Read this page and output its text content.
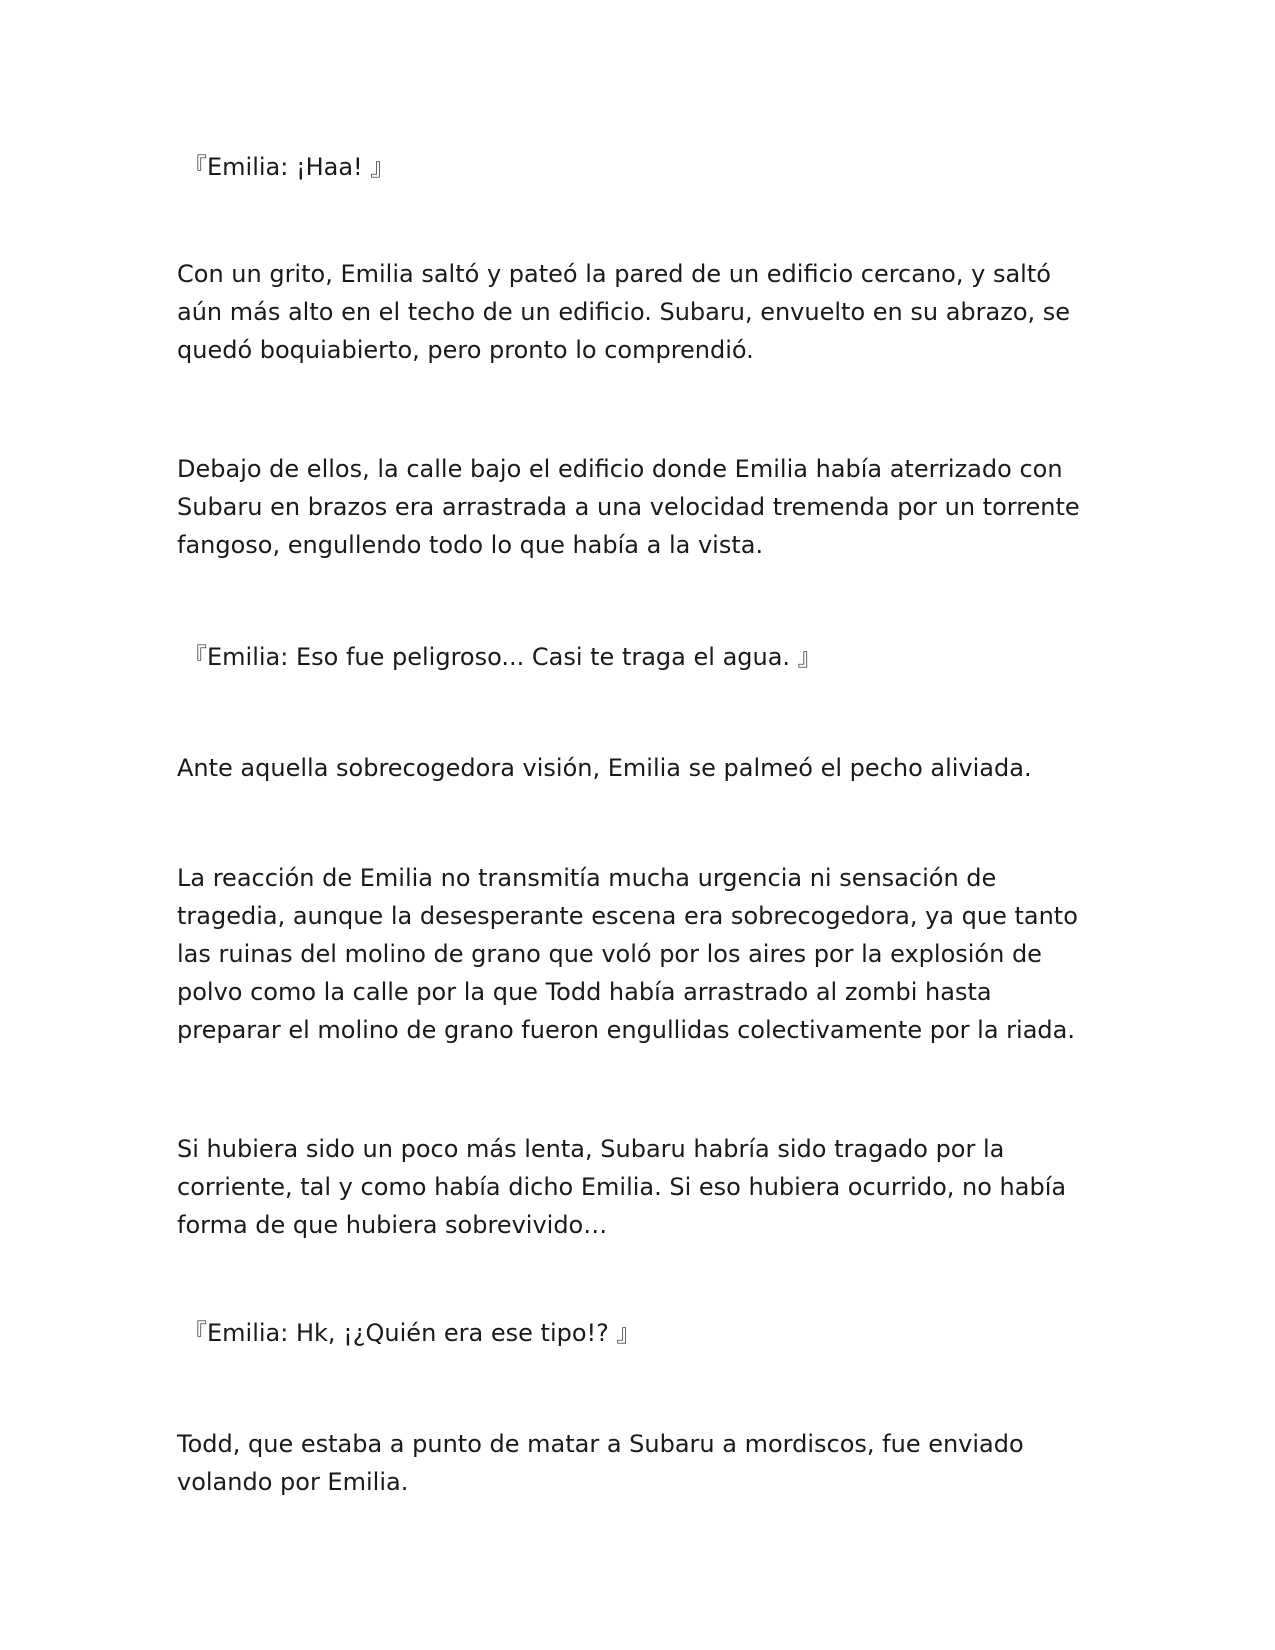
『Emilia: ¡Haa! 』

Con un grito, Emilia saltó y pateó la pared de un edificio cercano, y saltó aún más alto en el techo de un edificio. Subaru, envuelto en su abrazo, se quedó boquiabierto, pero pronto lo comprendió.

Debajo de ellos, la calle bajo el edificio donde Emilia había aterrizado con Subaru en brazos era arrastrada a una velocidad tremenda por un torrente fangoso, engullendo todo lo que había a la vista.

『Emilia: Eso fue peligroso... Casi te traga el agua. 』

Ante aquella sobrecogedora visión, Emilia se palmeó el pecho aliviada.

La reacción de Emilia no transmitía mucha urgencia ni sensación de tragedia, aunque la desesperante escena era sobrecogedora, ya que tanto las ruinas del molino de grano que voló por los aires por la explosión de polvo como la calle por la que Todd había arrastrado al zombi hasta preparar el molino de grano fueron engullidas colectivamente por la riada.

Si hubiera sido un poco más lenta, Subaru habría sido tragado por la corriente, tal y como había dicho Emilia. Si eso hubiera ocurrido, no había forma de que hubiera sobrevivido…

『Emilia: Hk, ¡¿Quién era ese tipo!? 』

Todd, que estaba a punto de matar a Subaru a mordiscos, fue enviado volando por Emilia.
